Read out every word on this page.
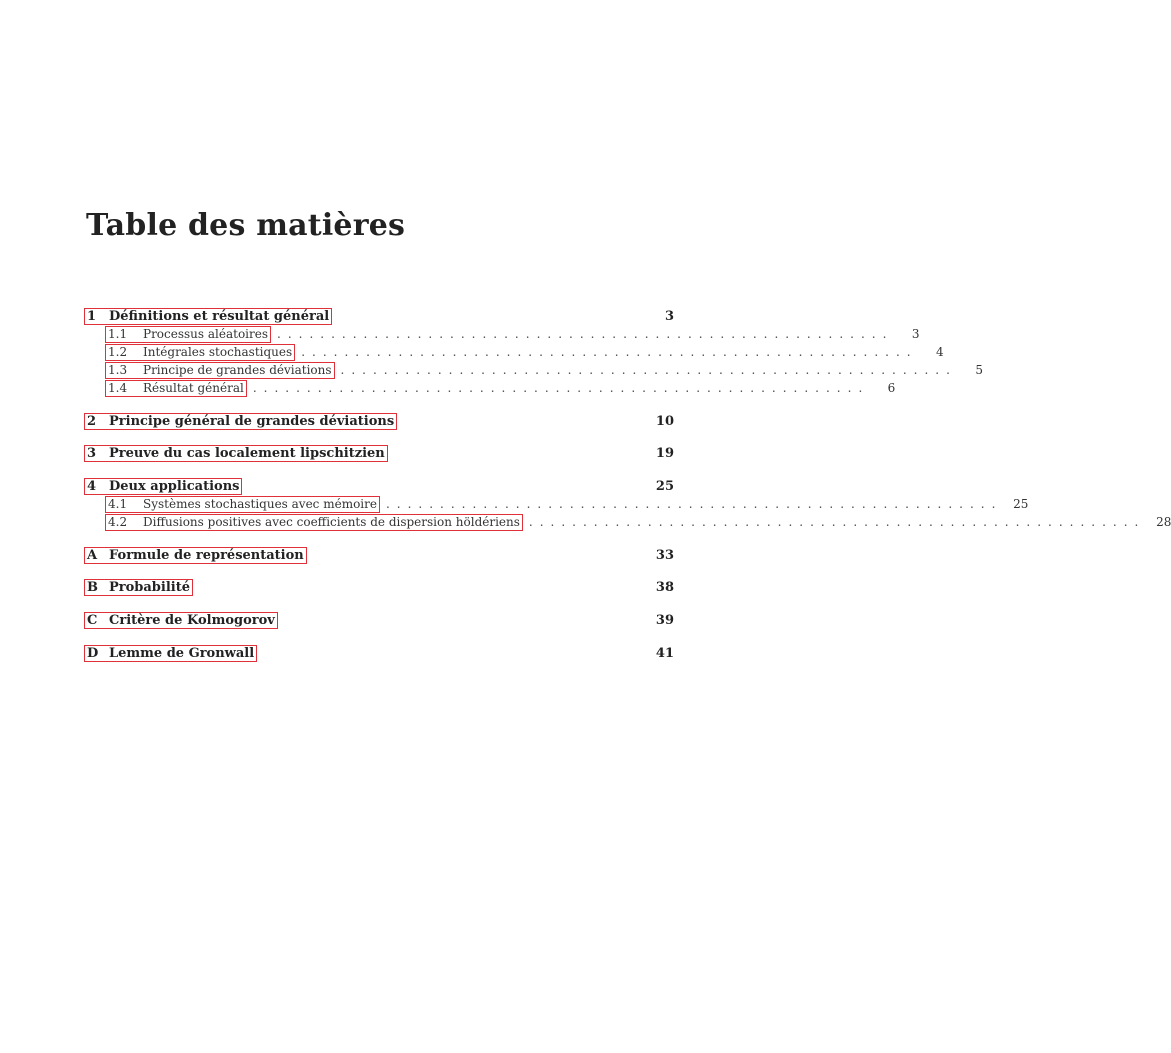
Table des matières
1 Définitions et résultat général	3
1.1	Processus aléatoires .........................................................	3
1.2	Intégrales stochastiques .........................................................	4
1.3	Principe de grandes déviations .........................................................	5
1.4	Résultat général .........................................................	6
2 Principe général de grandes déviations	10
3 Preuve du cas localement lipschitzien	19
4 Deux applications	25
4.1	Systèmes stochastiques avec mémoire ......................................................... 25
4.2	Diffusions positives avec coefficients de dispersion höldériens ......................................................... 28
A Formule de représentation	33
B Probabilité	38
C Critère de Kolmogorov	39
D Lemme de Gronwall	41
